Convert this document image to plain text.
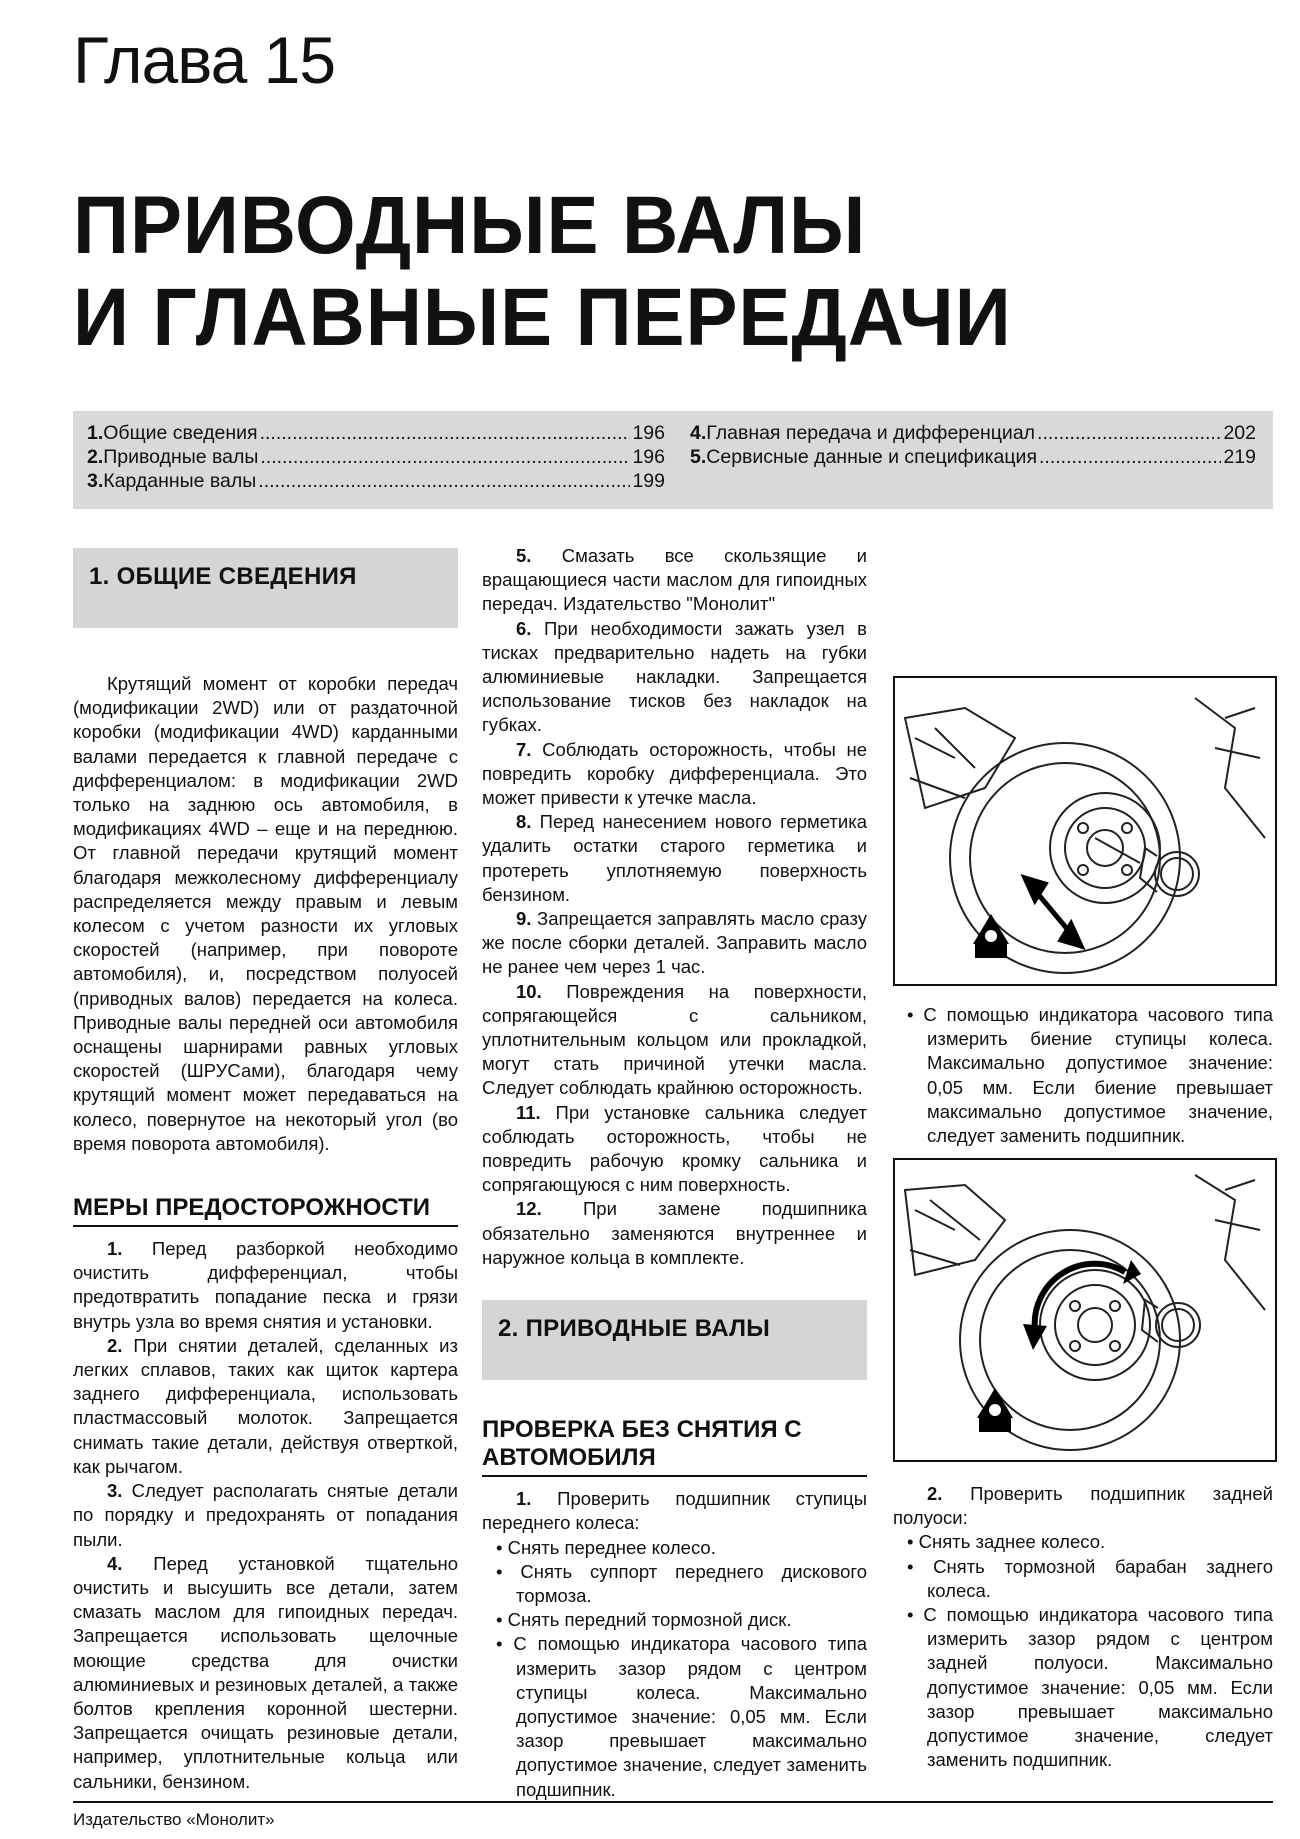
Глава 15
ПРИВОДНЫЕ ВАЛЫ
И ГЛАВНЫЕ ПЕРЕДАЧИ
1. Общие сведения .....	196
2. Приводные валы .....	196
3. Карданные валы .....	199
4. Главная передача и дифференциал .....	202
5. Сервисные данные и спецификация .....	219
1. ОБЩИЕ СВЕДЕНИЯ

Крутящий момент от коробки передач (модификации 2WD) или от раздаточной коробки (модификации 4WD) карданными валами передается к главной передаче с дифференциалом: в модификации 2WD только на заднюю ось автомобиля, в модификациях 4WD – еще и на переднюю. От главной передачи крутящий момент благодаря межколесному дифференциалу распределяется между правым и левым колесом с учетом разности их угловых скоростей (например, при повороте автомобиля), и, посредством полуосей (приводных валов) передается на колеса. Приводные валы передней оси автомобиля оснащены шарнирами равных угловых скоростей (ШРУСами), благодаря чему крутящий момент может передаваться на колесо, повернутое на некоторый угол (во время поворота автомобиля).

МЕРЫ ПРЕДОСТОРОЖНОСТИ

1. Перед разборкой необходимо очистить дифференциал, чтобы предотвратить попадание песка и грязи внутрь узла во время снятия и установки.

2. При снятии деталей, сделанных из легких сплавов, таких как щиток картера заднего дифференциала, использовать пластмассовый молоток. Запрещается снимать такие детали, действуя отверткой, как рычагом.

3. Следует располагать снятые детали по порядку и предохранять от попадания пыли.

4. Перед установкой тщательно очистить и высушить все детали, затем смазать маслом для гипоидных передач. Запрещается использовать щелочные моющие средства для очистки алюминиевых и резиновых деталей, а также болтов крепления коронной шестерни. Запрещается очищать резиновые детали, например, уплотнительные кольца или сальники, бензином.

5. Смазать все скользящие и вращающиеся части маслом для гипоидных передач. Издательство "Монолит"

6. При необходимости зажать узел в тисках предварительно надеть на губки алюминиевые накладки. Запрещается использование тисков без накладок на губках.

7. Соблюдать осторожность, чтобы не повредить коробку дифференциала. Это может привести к утечке масла.

8. Перед нанесением нового герметика удалить остатки старого герметика и протереть уплотняемую поверхность бензином.

9. Запрещается заправлять масло сразу же после сборки деталей. Заправить масло не ранее чем через 1 час.

10. Повреждения на поверхности, сопрягающейся с сальником, уплотнительным кольцом или прокладкой, могут стать причиной утечки масла. Следует соблюдать крайнюю осторожность.

11. При установке сальника следует соблюдать осторожность, чтобы не повредить рабочую кромку сальника и сопрягающуюся с ним поверхность.

12. При замене подшипника обязательно заменяются внутреннее и наружное кольца в комплекте.

2. ПРИВОДНЫЕ ВАЛЫ
ПРОВЕРКА БЕЗ СНЯТИЯ С АВТОМОБИЛЯ

1. Проверить подшипник ступицы переднего колеса:

• Снять переднее колесо.

• Снять суппорт переднего дискового тормоза.

• Снять передний тормозной диск.

• С помощью индикатора часового типа измерить зазор рядом с центром ступицы колеса. Максимально допустимое значение: 0,05 мм. Если зазор превышает максимально допустимое значение, следует заменить подшипник.

• С помощью индикатора часового типа измерить биение ступицы колеса. Максимально допустимое значение: 0,05 мм. Если биение превышает максимально допустимое значение, следует заменить подшипник.

2. Проверить подшипник задней полуоси:

• Снять заднее колесо.

• Снять тормозной барабан заднего колеса.

• С помощью индикатора часового типа измерить зазор рядом с центром задней полуоси. Максимально допустимое значение: 0,05 мм. Если зазор превышает максимально допустимое значение, следует заменить подшипник.

Издательство «Монолит»
